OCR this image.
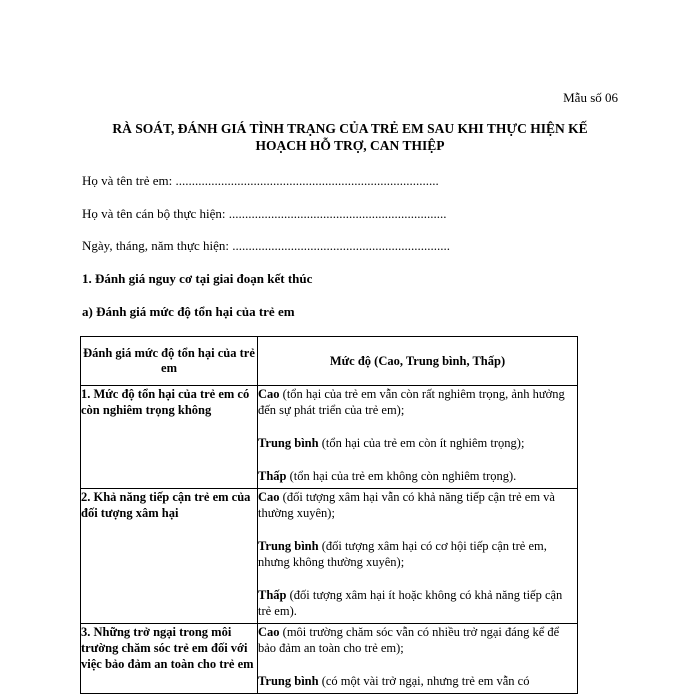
Mẫu số 06
RÀ SOÁT, ĐÁNH GIÁ TÌNH TRẠNG CỦA TRẺ EM SAU KHI THỰC HIỆN KẾ HOẠCH HỖ TRỢ, CAN THIỆP
Họ và tên trẻ em: .................................................................................
Họ và tên cán bộ thực hiện: ...................................................................
Ngày, tháng, năm thực hiện: ...................................................................
1. Đánh giá nguy cơ tại giai đoạn kết thúc
a) Đánh giá mức độ tổn hại của trẻ em
Đánh giá mức độ tổn hại của trẻ em	Mức độ (Cao, Trung bình, Thấp)
1. Mức độ tổn hại của trẻ em có còn nghiêm trọng không	Cao (tổn hại của trẻ em vẫn còn rất nghiêm trọng, ảnh hưởng đến sự phát triển của trẻ em);

Trung bình (tổn hại của trẻ em còn ít nghiêm trọng);

Thấp (tổn hại của trẻ em không còn nghiêm trọng).

2. Khả năng tiếp cận trẻ em của đối tượng xâm hại	Cao (đối tượng xâm hại vẫn có khả năng tiếp cận trẻ em và thường xuyên);

Trung bình (đối tượng xâm hại có cơ hội tiếp cận trẻ em, nhưng không thường xuyên);

Thấp (đối tượng xâm hại ít hoặc không có khả năng tiếp cận trẻ em).

3. Những trở ngại trong môi trường chăm sóc trẻ em đối với việc bảo đảm an toàn cho trẻ em	Cao (môi trường chăm sóc vẫn có nhiều trở ngại đáng kể để bảo đảm an toàn cho trẻ em);

Trung bình (có một vài trở ngại, nhưng trẻ em vẫn có
